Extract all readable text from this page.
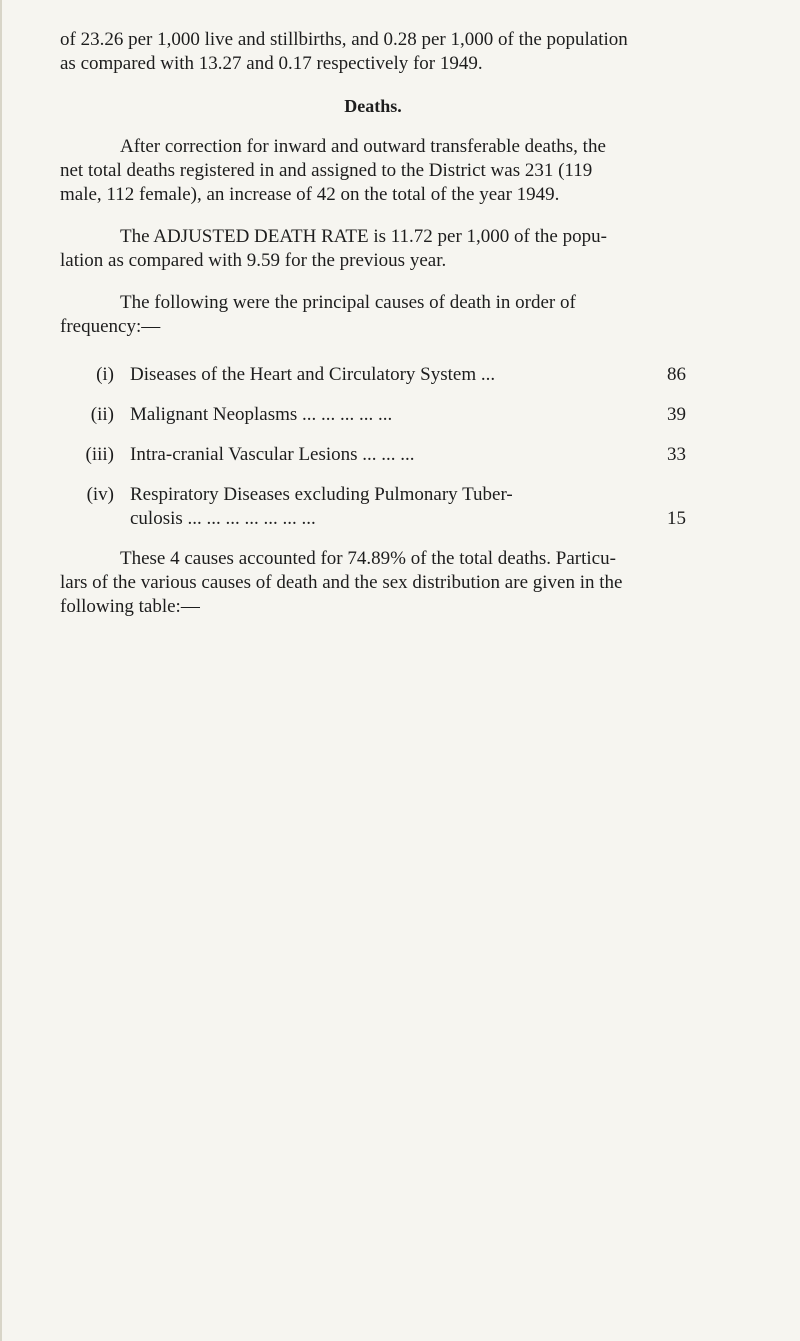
of 23.26 per 1,000 live and stillbirths, and 0.28 per 1,000 of the population
as compared with 13.27 and 0.17 respectively for 1949.

Deaths.

After correction for inward and outward transferable deaths, the
net total deaths registered in and assigned to the District was 231 (119
male, 112 female), an increase of 42 on the total of the year 1949.

The ADJUSTED DEATH RATE is 11.72 per 1,000 of the popu-
lation as compared with 9.59 for the previous year.

The following were the principal causes of death in order of
frequency:—

(i) Diseases of the Heart and Circulatory System ...	86
(ii) Malignant Neoplasms ... ... ... ... ...	39
(iii) Intra-cranial Vascular Lesions ... ... ...	33
(iv) Respiratory Diseases excluding Pulmonary Tuber-
culosis ... ... ... ... ... ... ...	15

These 4 causes accounted for 74.89% of the total deaths. Particu-
lars of the various causes of death and the sex distribution are given in the
following table:—
